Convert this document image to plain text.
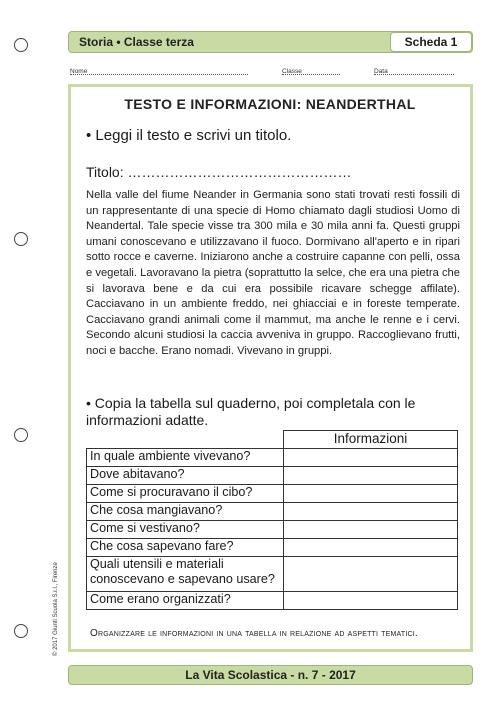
Storia • Classe terza	Scheda 1
Nome	Classe	Data
TESTO E INFORMAZIONI: NEANDERTHAL
• Leggi il testo e scrivi un titolo.
Titolo: …………………………………………
Nella valle del fiume Neander in Germania sono stati trovati resti fossili di un rappresentante di una specie di Homo chiamato dagli studiosi Uomo di Neandertal. Tale specie visse tra 300 mila e 30 mila anni fa. Questi gruppi umani conoscevano e utilizzavano il fuoco. Dormivano all'aperto e in ripari sotto rocce e caverne. Iniziarono anche a costruire capanne con pelli, ossa e vegetali. Lavoravano la pietra (soprattutto la selce, che era una pietra che si lavorava bene e da cui era possibile ricavare schegge affilate). Cacciavano in un ambiente freddo, nei ghiacciai e in foreste temperate. Cacciavano grandi animali come il mammut, ma anche le renne e i cervi. Secondo alcuni studiosi la caccia avveniva in gruppo. Raccoglievano frutti, noci e bacche. Erano nomadi. Vivevano in gruppi.
• Copia la tabella sul quaderno, poi completala con le informazioni adatte.
	Informazioni
In quale ambiente vivevano?	
Dove abitavano?	
Come si procuravano il cibo?	
Che cosa mangiavano?	
Come si vestivano?	
Che cosa sapevano fare?	
Quali utensili e materiali conoscevano e sapevano usare?	
Come erano organizzati?	
Organizzare le informazioni in una tabella in relazione ad aspetti tematici.
© 2017 Giunti Scuola S.r.l., Firenze
La Vita Scolastica - n. 7 - 2017
